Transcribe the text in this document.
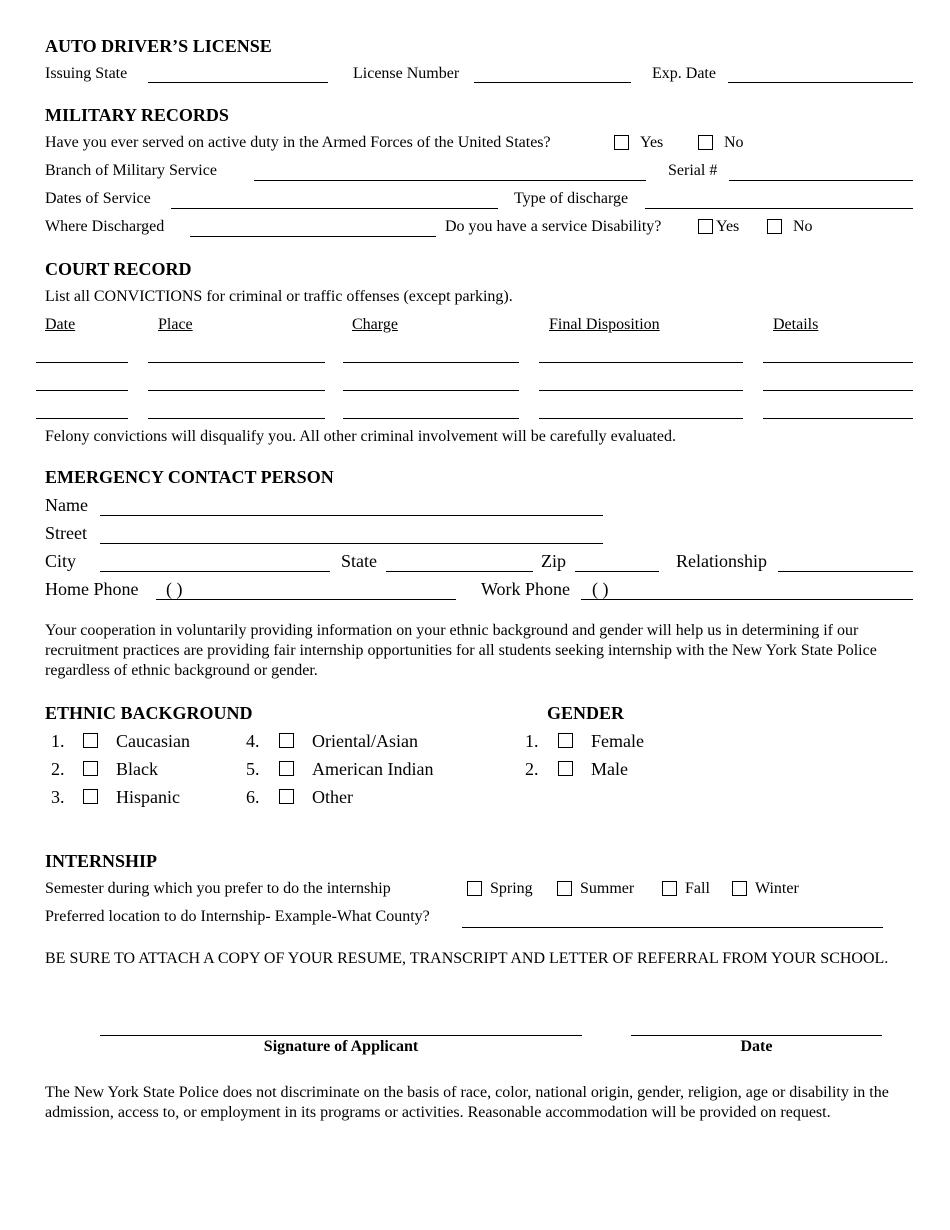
AUTO DRIVER’S LICENSE
Issuing State	License Number	Exp. Date
MILITARY RECORDS
Have you ever served on active duty in the Armed Forces of the United States?	Yes	No
Branch of Military Service	Serial #
Dates of Service	Type of discharge
Where Discharged	Do you have a service Disability?	Yes	No
COURT RECORD
List all CONVICTIONS for criminal or traffic offenses (except parking).
Date	Place	Charge	Final Disposition	Details
Felony convictions will disqualify you. All other criminal involvement will be carefully evaluated.
EMERGENCY CONTACT PERSON
Name
Street
City	State	Zip	Relationship
Home Phone ( )	Work Phone ( )
Your cooperation in voluntarily providing information on your ethnic background and gender will help us in determining if our recruitment practices are providing fair internship opportunities for all students seeking internship with the New York State Police regardless of ethnic background or gender.
ETHNIC BACKGROUND
1.	Caucasian
2.	Black
3.	Hispanic
4.	Oriental/Asian
5.	American Indian
6.	Other
GENDER
1.	Female
2.	Male
INTERNSHIP
Semester during which you prefer to do the internship	Spring	Summer	Fall	Winter
Preferred location to do Internship- Example-What County?
BE SURE TO ATTACH A COPY OF YOUR RESUME, TRANSCRIPT AND LETTER OF REFERRAL FROM YOUR SCHOOL.
Signature of Applicant	Date
The New York State Police does not discriminate on the basis of race, color, national origin, gender, religion, age or disability in the admission, access to, or employment in its programs or activities. Reasonable accommodation will be provided on request.
